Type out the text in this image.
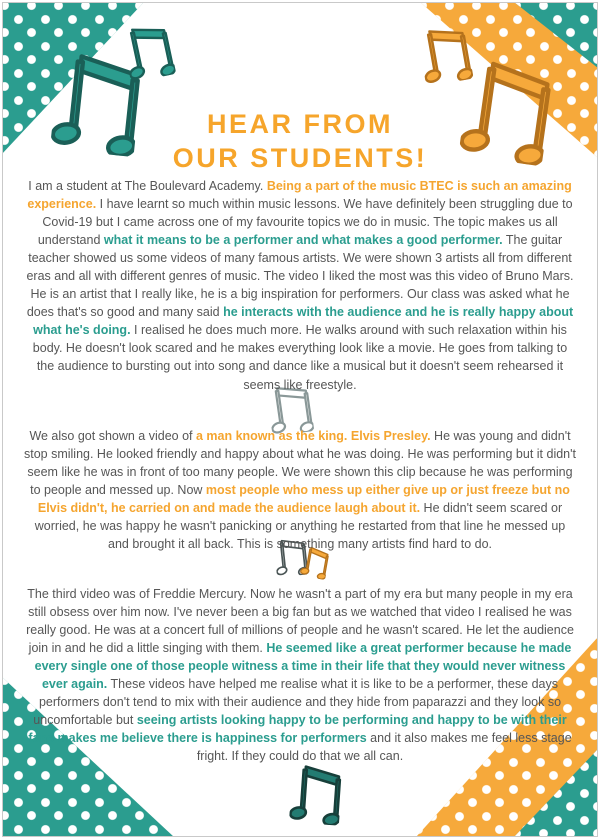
HEAR FROM
OUR STUDENTS!

I am a student at The Boulevard Academy. Being a part of the music BTEC is such an amazing experience. I have learnt so much within music lessons. We have definitely been struggling due to Covid-19 but I came across one of my favourite topics we do in music. The topic makes us all understand what it means to be a performer and what makes a good performer. The guitar teacher showed us some videos of many famous artists. We were shown 3 artists all from different eras and all with different genres of music. The video I liked the most was this video of Bruno Mars. He is an artist that I really like, he is a big inspiration for performers. Our class was asked what he does that's so good and many said he interacts with the audience and he is really happy about what he's doing. I realised he does much more. He walks around with such relaxation within his body. He doesn't look scared and he makes everything look like a movie. He goes from talking to the audience to bursting out into song and dance like a musical but it doesn't seem rehearsed it seems like freestyle.

We also got shown a video of a man known as the king. Elvis Presley. He was young and didn't stop smiling. He looked friendly and happy about what he was doing. He was performing but it didn't seem like he was in front of too many people. We were shown this clip because he was performing to people and messed up. Now most people who mess up either give up or just freeze but no Elvis didn't, he carried on and made the audience laugh about it. He didn't seem scared or worried, he was happy he wasn't panicking or anything he restarted from that line he messed up and brought it all back. This is something many artists find hard to do.

The third video was of Freddie Mercury. Now he wasn't a part of my era but many people in my era still obsess over him now. I've never been a big fan but as we watched that video I realised he was really good. He was at a concert full of millions of people and he wasn't scared. He let the audience join in and he did a little singing with them. He seemed like a great performer because he made every single one of those people witness a time in their life that they would never witness ever again. These videos have helped me realise what it is like to be a performer, these days performers don't tend to mix with their audience and they hide from paparazzi and they look so uncomfortable but seeing artists looking happy to be performing and happy to be with their fans makes me believe there is happiness for performers and it also makes me feel less stage fright. If they could do that we all can.
